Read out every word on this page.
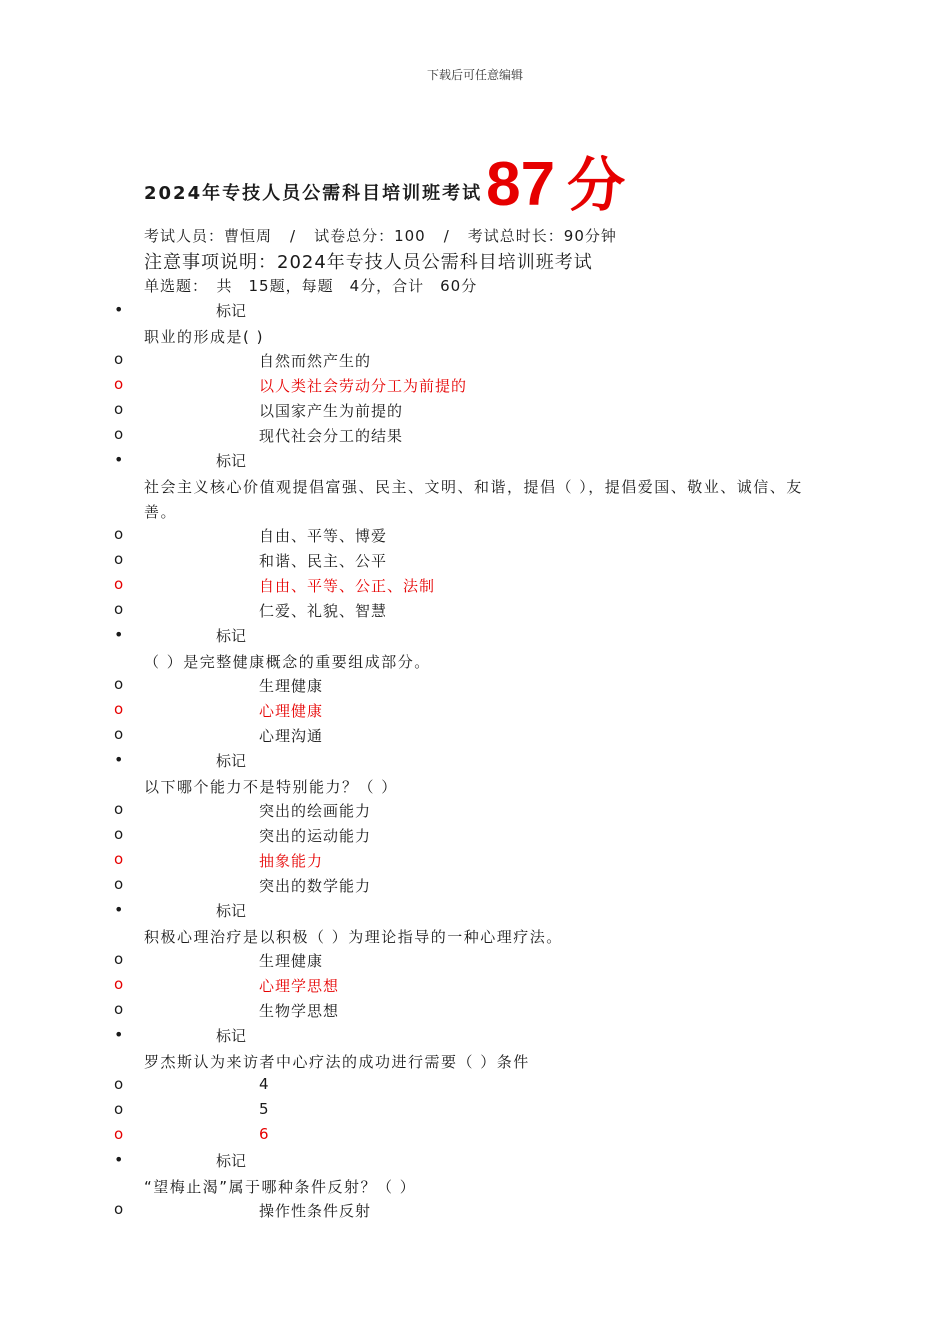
下载后可任意编辑
2024年专技人员公需科目培训班考试87 分
考试人员：曹恒周 / 试卷总分：100 / 考试总时长：90分钟
注意事项说明：2024年专技人员公需科目培训班考试
单选题：　共　15题，每题　4分，合计　60分
•	标记
职业的形成是( )
o	自然而然产生的
o	以人类社会劳动分工为前提的
o	以国家产生为前提的
o	现代社会分工的结果
•	标记
社会主义核心价值观提倡富强、民主、文明、和谐，提倡（ ），提倡爱国、敬业、诚信、友善。
o	自由、平等、博爱
o	和谐、民主、公平
o	自由、平等、公正、法制
o	仁爱、礼貌、智慧
•	标记
（ ）是完整健康概念的重要组成部分。
o	生理健康
o	心理健康
o	心理沟通
•	标记
以下哪个能力不是特别能力？（ ）
o	突出的绘画能力
o	突出的运动能力
o	抽象能力
o	突出的数学能力
•	标记
积极心理治疗是以积极（ ）为理论指导的一种心理疗法。
o	生理健康
o	心理学思想
o	生物学思想
•	标记
罗杰斯认为来访者中心疗法的成功进行需要（ ）条件
o	4
o	5
o	6
•	标记
“望梅止渴”属于哪种条件反射？（ ）
o	操作性条件反射
